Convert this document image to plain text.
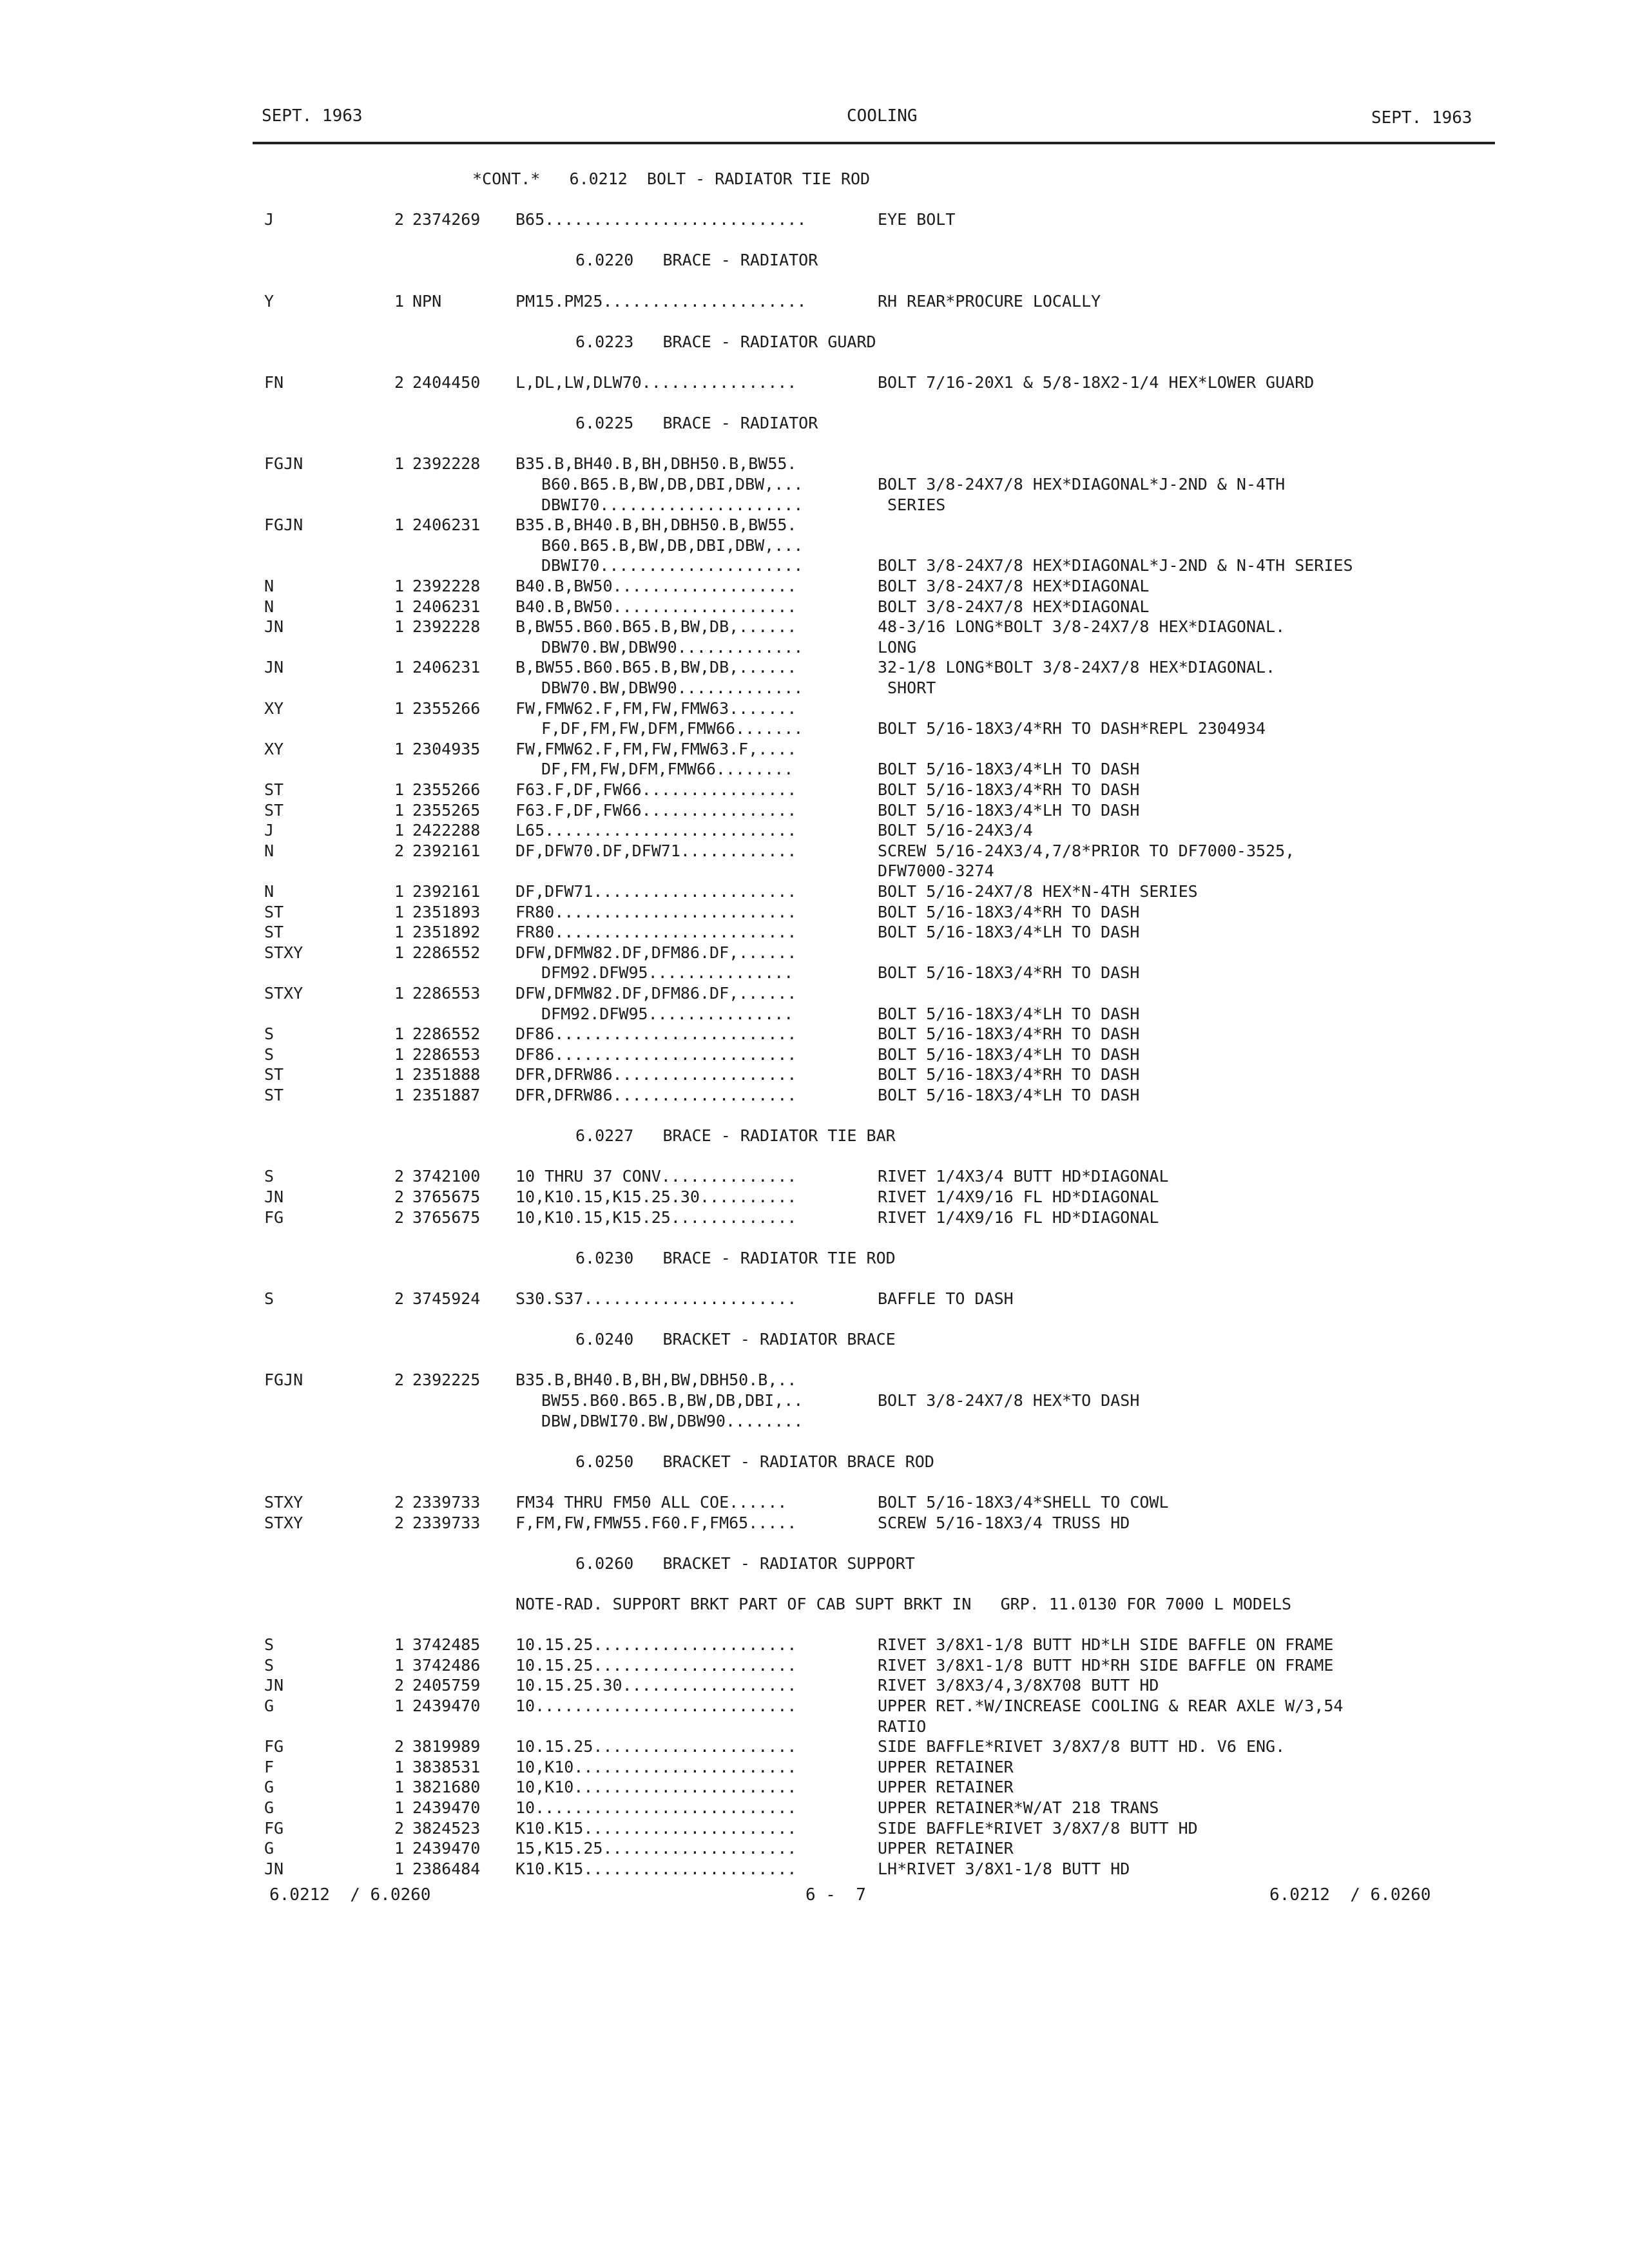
SEPT. 1963	COOLING	SEPT. 1963
*CONT.*   6.0212  BOLT - RADIATOR TIE ROD
J	2 2374269 B65...........................	EYE BOLT
6.0220   BRACE - RADIATOR
Y	1 NPN	PM15.PM25.....................	RH REAR*PROCURE LOCALLY
6.0223   BRACE - RADIATOR GUARD
FN	2 2404450 L,DL,LW,DLW70................	BOLT 7/16-20X1 & 5/8-18X2-1/4 HEX*LOWER GUARD
6.0225   BRACE - RADIATOR
FGJN	1 2392228 B35.B,BH40.B,BH,DBH50.B,BW55.
B60.B65.B,BW,DB,DBI,DBW,...	BOLT 3/8-24X7/8 HEX*DIAGONAL*J-2ND & N-4TH
DBWI70.....................	SERIES
FGJN	1 2406231 B35.B,BH40.B,BH,DBH50.B,BW55.
B60.B65.B,BW,DB,DBI,DBW,...
DBWI70.....................	BOLT 3/8-24X7/8 HEX*DIAGONAL*J-2ND & N-4TH SERIES
N	1 2392228 B40.B,BW50...................	BOLT 3/8-24X7/8 HEX*DIAGONAL
N	1 2406231 B40.B,BW50...................	BOLT 3/8-24X7/8 HEX*DIAGONAL
JN	1 2392228 B,BW55.B60.B65.B,BW,DB,......	48-3/16 LONG*BOLT 3/8-24X7/8 HEX*DIAGONAL.
DBW70.BW,DBW90.............	LONG
JN	1 2406231 B,BW55.B60.B65.B,BW,DB,......	32-1/8 LONG*BOLT 3/8-24X7/8 HEX*DIAGONAL.
DBW70.BW,DBW90.............	SHORT
XY	1 2355266 FW,FMW62.F,FM,FW,FMW63.......
F,DF,FM,FW,DFM,FMW66.......	BOLT 5/16-18X3/4*RH TO DASH*REPL 2304934
XY	1 2304935 FW,FMW62.F,FM,FW,FMW63.F,....
DF,FM,FW,DFM,FMW66........	BOLT 5/16-18X3/4*LH TO DASH
ST	1 2355266 F63.F,DF,FW66................	BOLT 5/16-18X3/4*RH TO DASH
ST	1 2355265 F63.F,DF,FW66................	BOLT 5/16-18X3/4*LH TO DASH
J	1 2422288 L65..........................	BOLT 5/16-24X3/4
N	2 2392161 DF,DFW70.DF,DFW71............	SCREW 5/16-24X3/4,7/8*PRIOR TO DF7000-3525,
DFW7000-3274
N	1 2392161 DF,DFW71.....................	BOLT 5/16-24X7/8 HEX*N-4TH SERIES
ST	1 2351893 FR80.........................	BOLT 5/16-18X3/4*RH TO DASH
ST	1 2351892 FR80.........................	BOLT 5/16-18X3/4*LH TO DASH
STXY	1 2286552 DFW,DFMW82.DF,DFM86.DF,......
DFM92.DFW95...............	BOLT 5/16-18X3/4*RH TO DASH
STXY	1 2286553 DFW,DFMW82.DF,DFM86.DF,......
DFM92.DFW95...............	BOLT 5/16-18X3/4*LH TO DASH
S	1 2286552 DF86.........................	BOLT 5/16-18X3/4*RH TO DASH
S	1 2286553 DF86.........................	BOLT 5/16-18X3/4*LH TO DASH
ST	1 2351888 DFR,DFRW86...................	BOLT 5/16-18X3/4*RH TO DASH
ST	1 2351887 DFR,DFRW86...................	BOLT 5/16-18X3/4*LH TO DASH
6.0227   BRACE - RADIATOR TIE BAR
S	2 3742100 10 THRU 37 CONV..............	RIVET 1/4X3/4 BUTT HD*DIAGONAL
JN	2 3765675 10,K10.15,K15.25.30..........	RIVET 1/4X9/16 FL HD*DIAGONAL
FG	2 3765675 10,K10.15,K15.25.............	RIVET 1/4X9/16 FL HD*DIAGONAL
6.0230   BRACE - RADIATOR TIE ROD
S	2 3745924 S30.S37......................	BAFFLE TO DASH
6.0240   BRACKET - RADIATOR BRACE
FGJN	2 2392225 B35.B,BH40.B,BH,BW,DBH50.B,..
BW55.B60.B65.B,BW,DB,DBI,..	BOLT 3/8-24X7/8 HEX*TO DASH
DBW,DBWI70.BW,DBW90........
6.0250   BRACKET - RADIATOR BRACE ROD
STXY	2 2339733 FM34 THRU FM50 ALL COE......	BOLT 5/16-18X3/4*SHELL TO COWL
STXY	2 2339733 F,FM,FW,FMW55.F60.F,FM65.....	SCREW 5/16-18X3/4 TRUSS HD
6.0260   BRACKET - RADIATOR SUPPORT
NOTE-RAD. SUPPORT BRKT PART OF CAB SUPT BRKT IN   GRP. 11.0130 FOR 7000 L MODELS
S	1 3742485 10.15.25.....................	RIVET 3/8X1-1/8 BUTT HD*LH SIDE BAFFLE ON FRAME
S	1 3742486 10.15.25.....................	RIVET 3/8X1-1/8 BUTT HD*RH SIDE BAFFLE ON FRAME
JN	2 2405759 10.15.25.30..................	RIVET 3/8X3/4,3/8X708 BUTT HD
G	1 2439470 10...........................	UPPER RET.*W/INCREASE COOLING & REAR AXLE W/3,54
RATIO
FG	2 3819989 10.15.25.....................	SIDE BAFFLE*RIVET 3/8X7/8 BUTT HD. V6 ENG.
F	1 3838531 10,K10.......................	UPPER RETAINER
G	1 3821680 10,K10.......................	UPPER RETAINER
G	1 2439470 10...........................	UPPER RETAINER*W/AT 218 TRANS
FG	2 3824523 K10.K15......................	SIDE BAFFLE*RIVET 3/8X7/8 BUTT HD
G	1 2439470 15,K15.25....................	UPPER RETAINER
JN	1 2386484 K10.K15......................	LH*RIVET 3/8X1-1/8 BUTT HD
6.0212  / 6.0260	6 -  7	6.0212  / 6.0260
